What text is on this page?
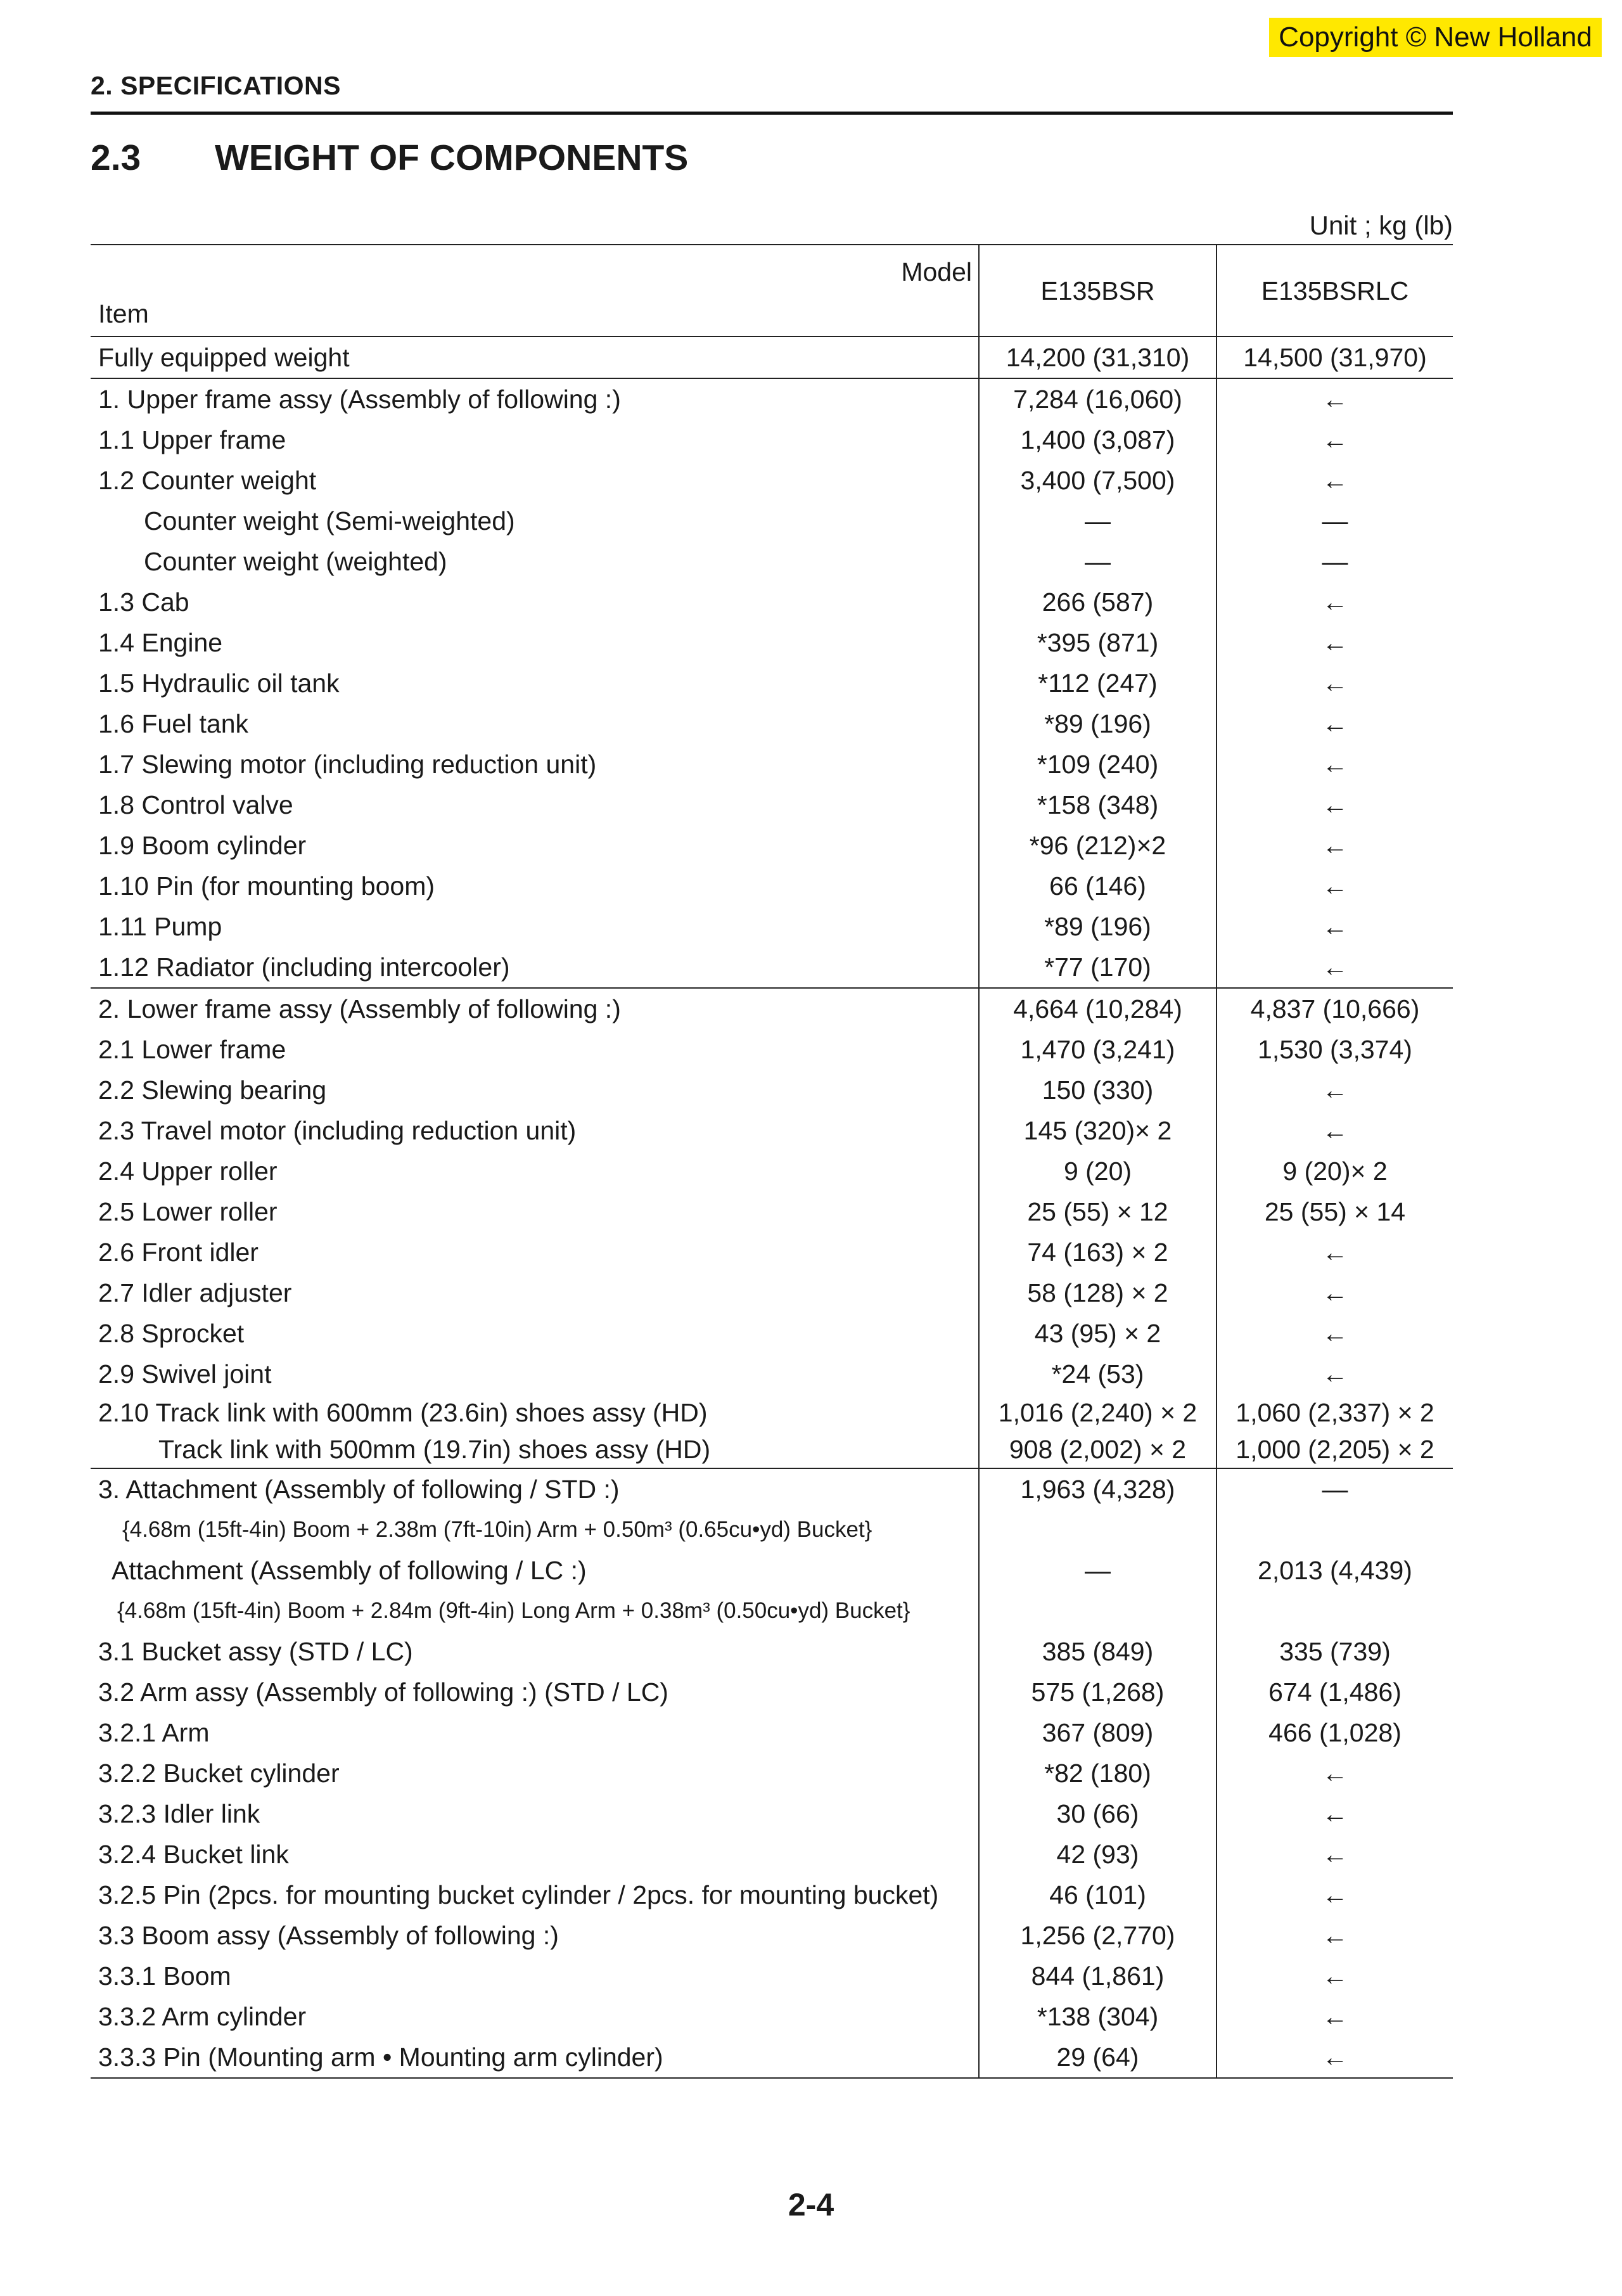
Copyright © New Holland
2. SPECIFICATIONS
2.3 WEIGHT OF COMPONENTS
Unit ; kg (lb)
Model
Item	E135BSR	E135BSRLC
Fully equipped weight	14,200 (31,310)	14,500 (31,970)
1. Upper frame assy (Assembly of following :)	7,284 (16,060)	←
1.1 Upper frame	1,400 (3,087)	←
1.2 Counter weight	3,400 (7,500)	←
Counter weight (Semi-weighted)	—	—
Counter weight (weighted)	—	—
1.3 Cab	266 (587)	←
1.4 Engine	*395 (871)	←
1.5 Hydraulic oil tank	*112 (247)	←
1.6 Fuel tank	*89 (196)	←
1.7 Slewing motor (including reduction unit)	*109 (240)	←
1.8 Control valve	*158 (348)	←
1.9 Boom cylinder	*96 (212)×2	←
1.10 Pin (for mounting boom)	66 (146)	←
1.11 Pump	*89 (196)	←
1.12 Radiator (including intercooler)	*77 (170)	←
2. Lower frame assy (Assembly of following :)	4,664 (10,284)	4,837 (10,666)
2.1 Lower frame	1,470 (3,241)	1,530 (3,374)
2.2 Slewing bearing	150 (330)	←
2.3 Travel motor (including reduction unit)	145 (320)× 2	←
2.4 Upper roller	9 (20)	9 (20)× 2
2.5 Lower roller	25 (55) × 12	25 (55) × 14
2.6 Front idler	74 (163) × 2	←
2.7 Idler adjuster	58 (128) × 2	←
2.8 Sprocket	43 (95) × 2	←
2.9 Swivel joint	*24 (53)	←
2.10 Track link with 600mm (23.6in) shoes assy (HD)	1,016 (2,240) × 2	1,060 (2,337) × 2
Track link with 500mm (19.7in) shoes assy (HD)	908 (2,002) × 2	1,000 (2,205) × 2
3. Attachment (Assembly of following / STD :)	1,963 (4,328)	—
{4.68m (15ft-4in) Boom + 2.38m (7ft-10in) Arm + 0.50m³ (0.65cu•yd) Bucket}		
Attachment (Assembly of following / LC :)	—	2,013 (4,439)
{4.68m (15ft-4in) Boom + 2.84m (9ft-4in) Long Arm + 0.38m³ (0.50cu•yd) Bucket}		
3.1 Bucket assy (STD / LC)	385 (849)	335 (739)
3.2 Arm assy (Assembly of following :) (STD / LC)	575 (1,268)	674 (1,486)
3.2.1 Arm	367 (809)	466 (1,028)
3.2.2 Bucket cylinder	*82 (180)	←
3.2.3 Idler link	30 (66)	←
3.2.4 Bucket link	42 (93)	←
3.2.5 Pin (2pcs. for mounting bucket cylinder / 2pcs. for mounting bucket)	46 (101)	←
3.3 Boom assy (Assembly of following :)	1,256 (2,770)	←
3.3.1 Boom	844 (1,861)	←
3.3.2 Arm cylinder	*138 (304)	←
3.3.3 Pin (Mounting arm • Mounting arm cylinder)	29 (64)	←
2-4
